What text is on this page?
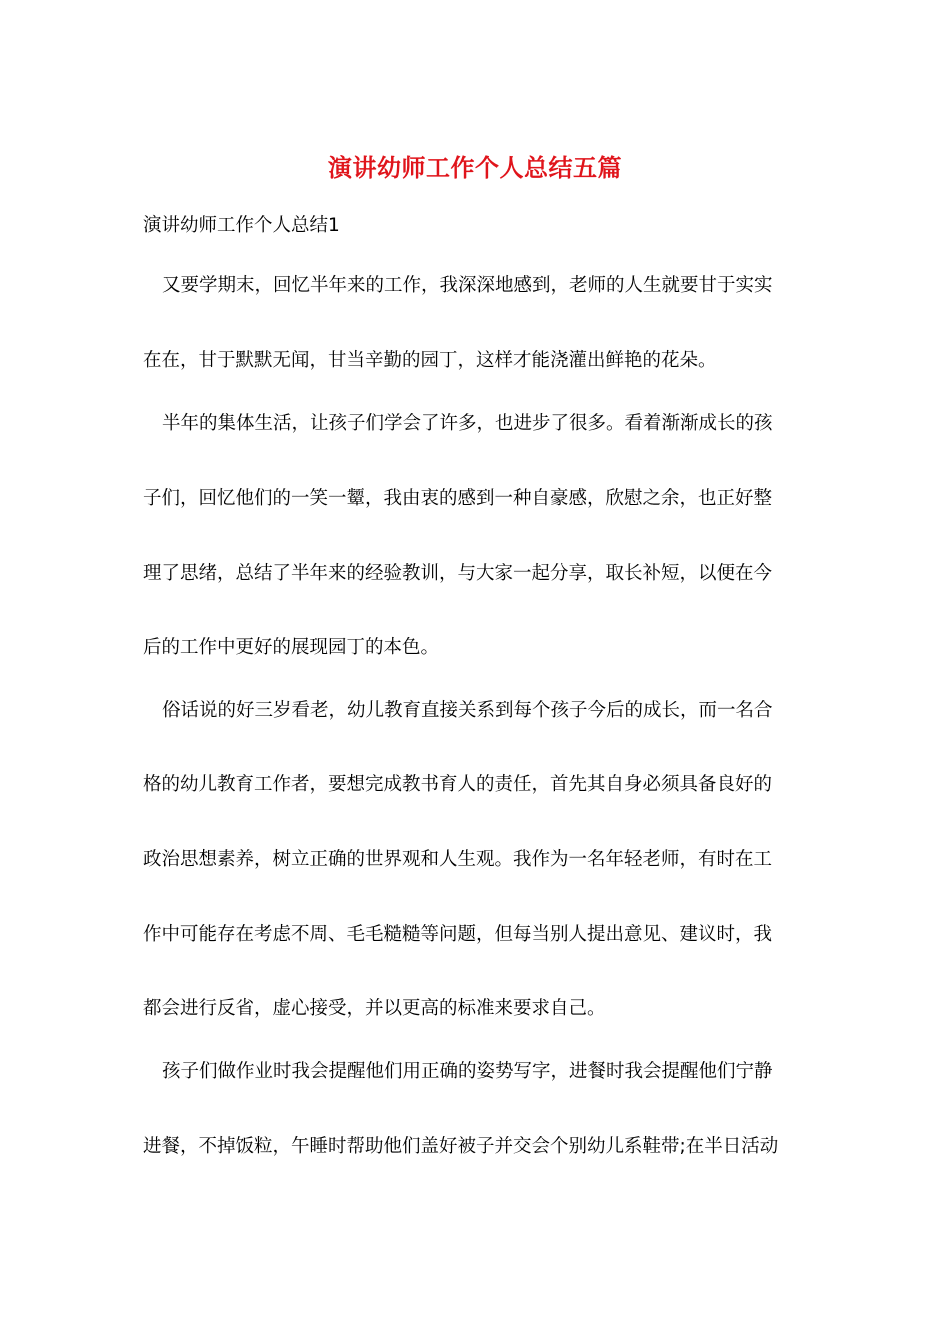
演讲幼师工作个人总结五篇
演讲幼师工作个人总结1
又要学期末，回忆半年来的工作，我深深地感到，老师的人生就要甘于实实
在在，甘于默默无闻，甘当辛勤的园丁，这样才能浇灌出鲜艳的花朵。
半年的集体生活，让孩子们学会了许多，也进步了很多。看着渐渐成长的孩
子们，回忆他们的一笑一颦，我由衷的感到一种自豪感，欣慰之余，也正好整
理了思绪，总结了半年来的经验教训，与大家一起分享，取长补短，以便在今
后的工作中更好的展现园丁的本色。
俗话说的好三岁看老，幼儿教育直接关系到每个孩子今后的成长，而一名合
格的幼儿教育工作者，要想完成教书育人的责任，首先其自身必须具备良好的
政治思想素养，树立正确的世界观和人生观。我作为一名年轻老师，有时在工
作中可能存在考虑不周、毛毛糙糙等问题，但每当别人提出意见、建议时，我
都会进行反省，虚心接受，并以更高的标准来要求自己。
孩子们做作业时我会提醒他们用正确的姿势写字，进餐时我会提醒他们宁静
进餐，不掉饭粒，午睡时帮助他们盖好被子并交会个别幼儿系鞋带;在半日活动
